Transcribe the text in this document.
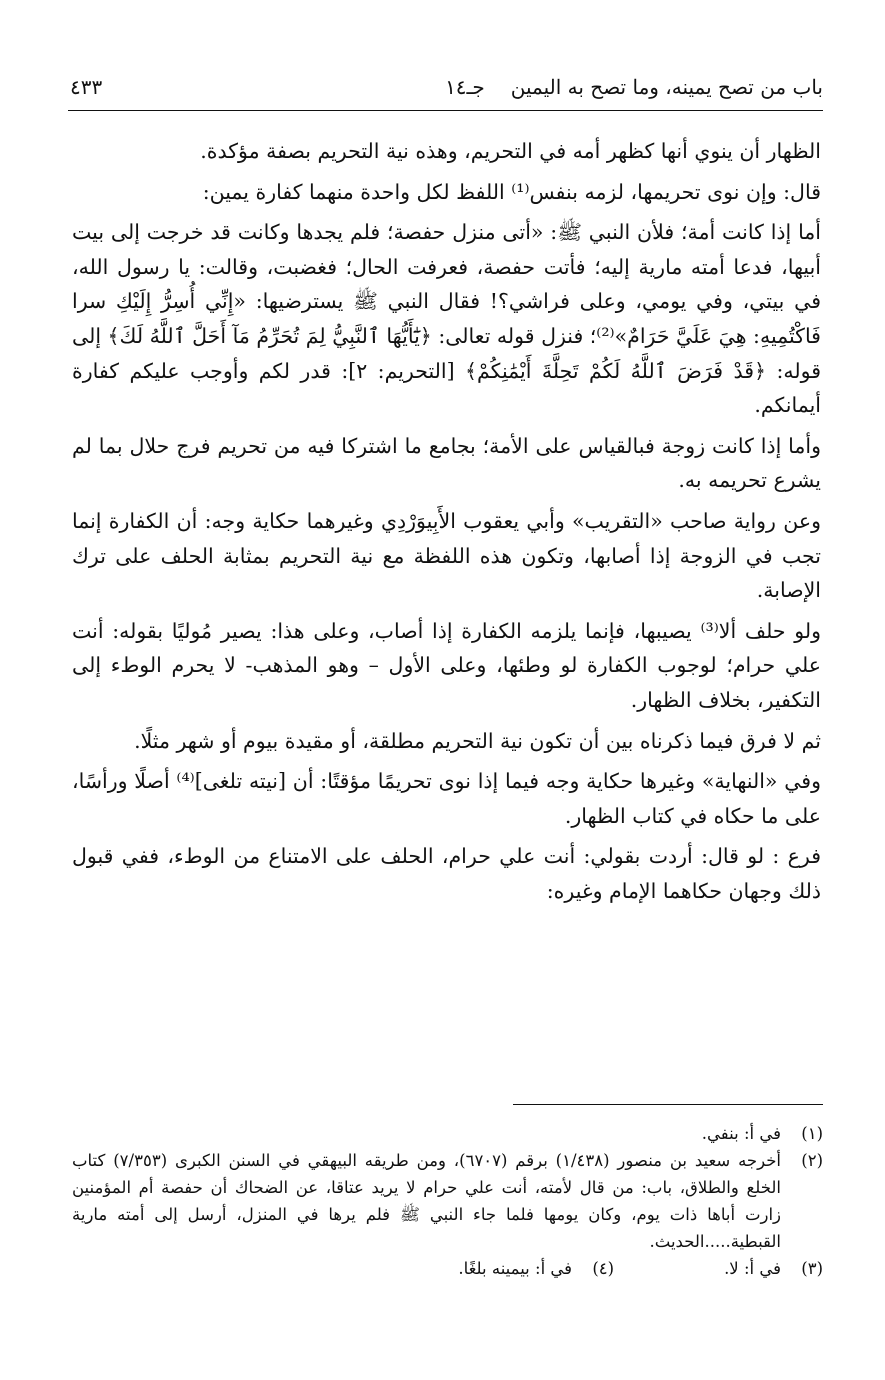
باب من تصح يمينه، وما تصح به اليمين
جـ١٤
٤٣٣

الظهار أن ينوي أنها كظهر أمه في التحريم، وهذه نية التحريم بصفة مؤكدة.

قال: وإن نوى تحريمها، لزمه بنفس⁽¹⁾ اللفظ لكل واحدة منهما كفارة يمين:

أما إذا كانت أمة؛ فلأن النبي ﷺ: «أتى منزل حفصة؛ فلم يجدها وكانت قد خرجت إلى بيت أبيها، فدعا أمته مارية إليه؛ فأتت حفصة، فعرفت الحال؛ فغضبت، وقالت: يا رسول الله، في بيتي، وفي يومي، وعلى فراشي؟! فقال النبي ﷺ يسترضيها: «إِنِّي أُسِرُّ إِلَيْكِ سرا فَاكْتُمِيهِ: هِيَ عَلَيَّ حَرَامٌ»⁽²⁾؛ فنزل قوله تعالى: ﴿يَٰٓأَيُّهَا ٱلنَّبِيُّ لِمَ تُحَرِّمُ مَآ أَحَلَّ ٱللَّهُ لَكَ﴾ إلى قوله: ﴿قَدْ فَرَضَ ٱللَّهُ لَكُمْ تَحِلَّةَ أَيْمَٰنِكُمْ﴾ [التحريم: ٢]: قدر لكم وأوجب عليكم كفارة أيمانكم.

وأما إذا كانت زوجة فبالقياس على الأمة؛ بجامع ما اشتركا فيه من تحريم فرج حلال بما لم يشرع تحريمه به.

وعن رواية صاحب «التقريب» وأبي يعقوب الأَبِيوَرْدِي وغيرهما حكاية وجه: أن الكفارة إنما تجب في الزوجة إذا أصابها، وتكون هذه اللفظة مع نية التحريم بمثابة الحلف على ترك الإصابة.

ولو حلف ألا⁽³⁾ يصيبها، فإنما يلزمه الكفارة إذا أصاب، وعلى هذا: يصير مُوليًا بقوله: أنت علي حرام؛ لوجوب الكفارة لو وطئها، وعلى الأول – وهو المذهب- لا يحرم الوطء إلى التكفير، بخلاف الظهار.

ثم لا فرق فيما ذكرناه بين أن تكون نية التحريم مطلقة، أو مقيدة بيوم أو شهر مثلًا.

وفي «النهاية» وغيرها حكاية وجه فيما إذا نوى تحريمًا مؤقتًا: أن [نيته تلغى]⁽⁴⁾ أصلًا ورأسًا، على ما حكاه في كتاب الظهار.

فرع : لو قال: أردت بقولي: أنت علي حرام، الحلف على الامتناع من الوطء، ففي قبول ذلك وجهان حكاهما الإمام وغيره:

(١)
في أ: بنفي.
(٢)
أخرجه سعيد بن منصور (١/٤٣٨) برقم (٦٧٠٧)، ومن طريقه البيهقي في السنن الكبرى (٧/٣٥٣) كتاب الخلع والطلاق، باب: من قال لأمته، أنت علي حرام لا يريد عتاقا، عن الضحاك أن حفصة أم المؤمنين زارت أباها ذات يوم، وكان يومها فلما جاء النبي ﷺ فلم يرها في المنزل، أرسل إلى أمته مارية القبطية.....الحديث.
(٣)
في أ: لا.
(٤)
في أ: بيمينه بلغًا.
